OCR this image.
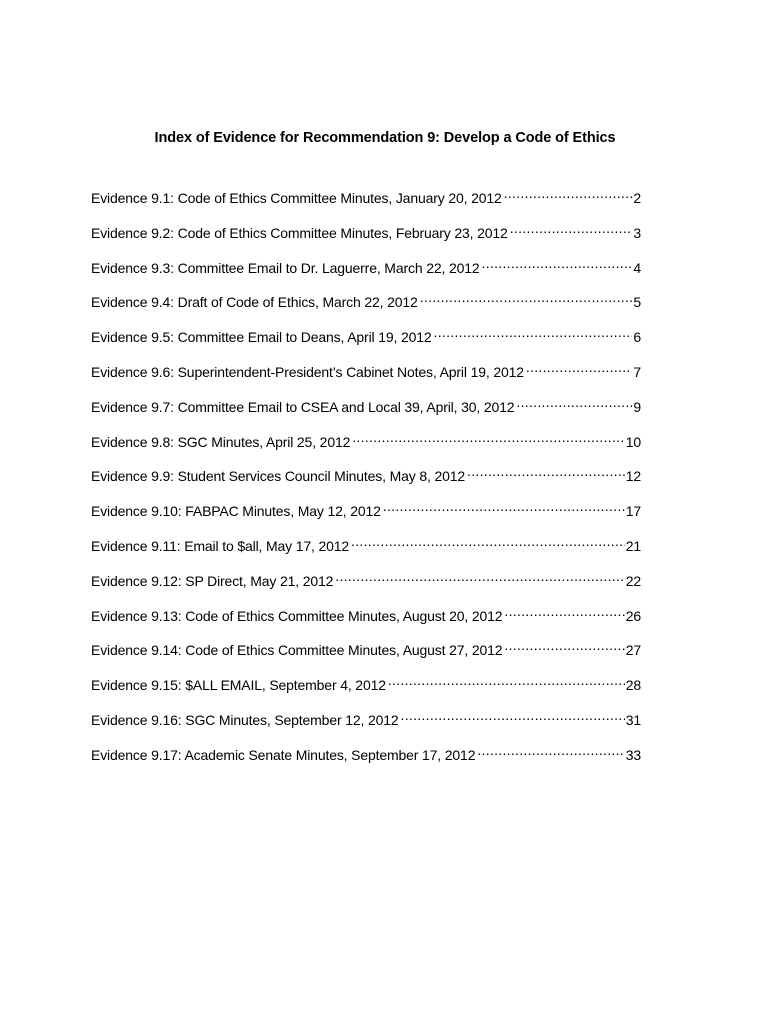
Index of Evidence for Recommendation 9: Develop a Code of Ethics
Evidence 9.1: Code of Ethics Committee Minutes, January 20, 2012 .....	2
Evidence 9.2: Code of Ethics Committee Minutes, February 23, 2012 .....	3
Evidence 9.3: Committee Email to Dr. Laguerre, March 22, 2012 .....	4
Evidence 9.4: Draft of Code of Ethics, March 22, 2012 .....	5
Evidence 9.5: Committee Email to Deans, April 19, 2012 .....	6
Evidence 9.6: Superintendent-President’s Cabinet Notes, April 19, 2012 .....	7
Evidence 9.7: Committee Email to CSEA and Local 39, April, 30, 2012 .....	9
Evidence 9.8: SGC Minutes, April 25, 2012 .....	10
Evidence 9.9: Student Services Council Minutes, May 8, 2012 .....	12
Evidence 9.10: FABPAC Minutes, May 12, 2012 .....	17
Evidence 9.11: Email to $all, May 17, 2012 .....	21
Evidence 9.12: SP Direct, May 21, 2012 .....	22
Evidence 9.13: Code of Ethics Committee Minutes, August 20, 2012 .....	26
Evidence 9.14: Code of Ethics Committee Minutes, August 27, 2012 .....	27
Evidence 9.15: $ALL EMAIL, September 4, 2012 .....	28
Evidence 9.16: SGC Minutes, September 12, 2012 .....	31
Evidence 9.17: Academic Senate Minutes, September 17, 2012 .....	33
